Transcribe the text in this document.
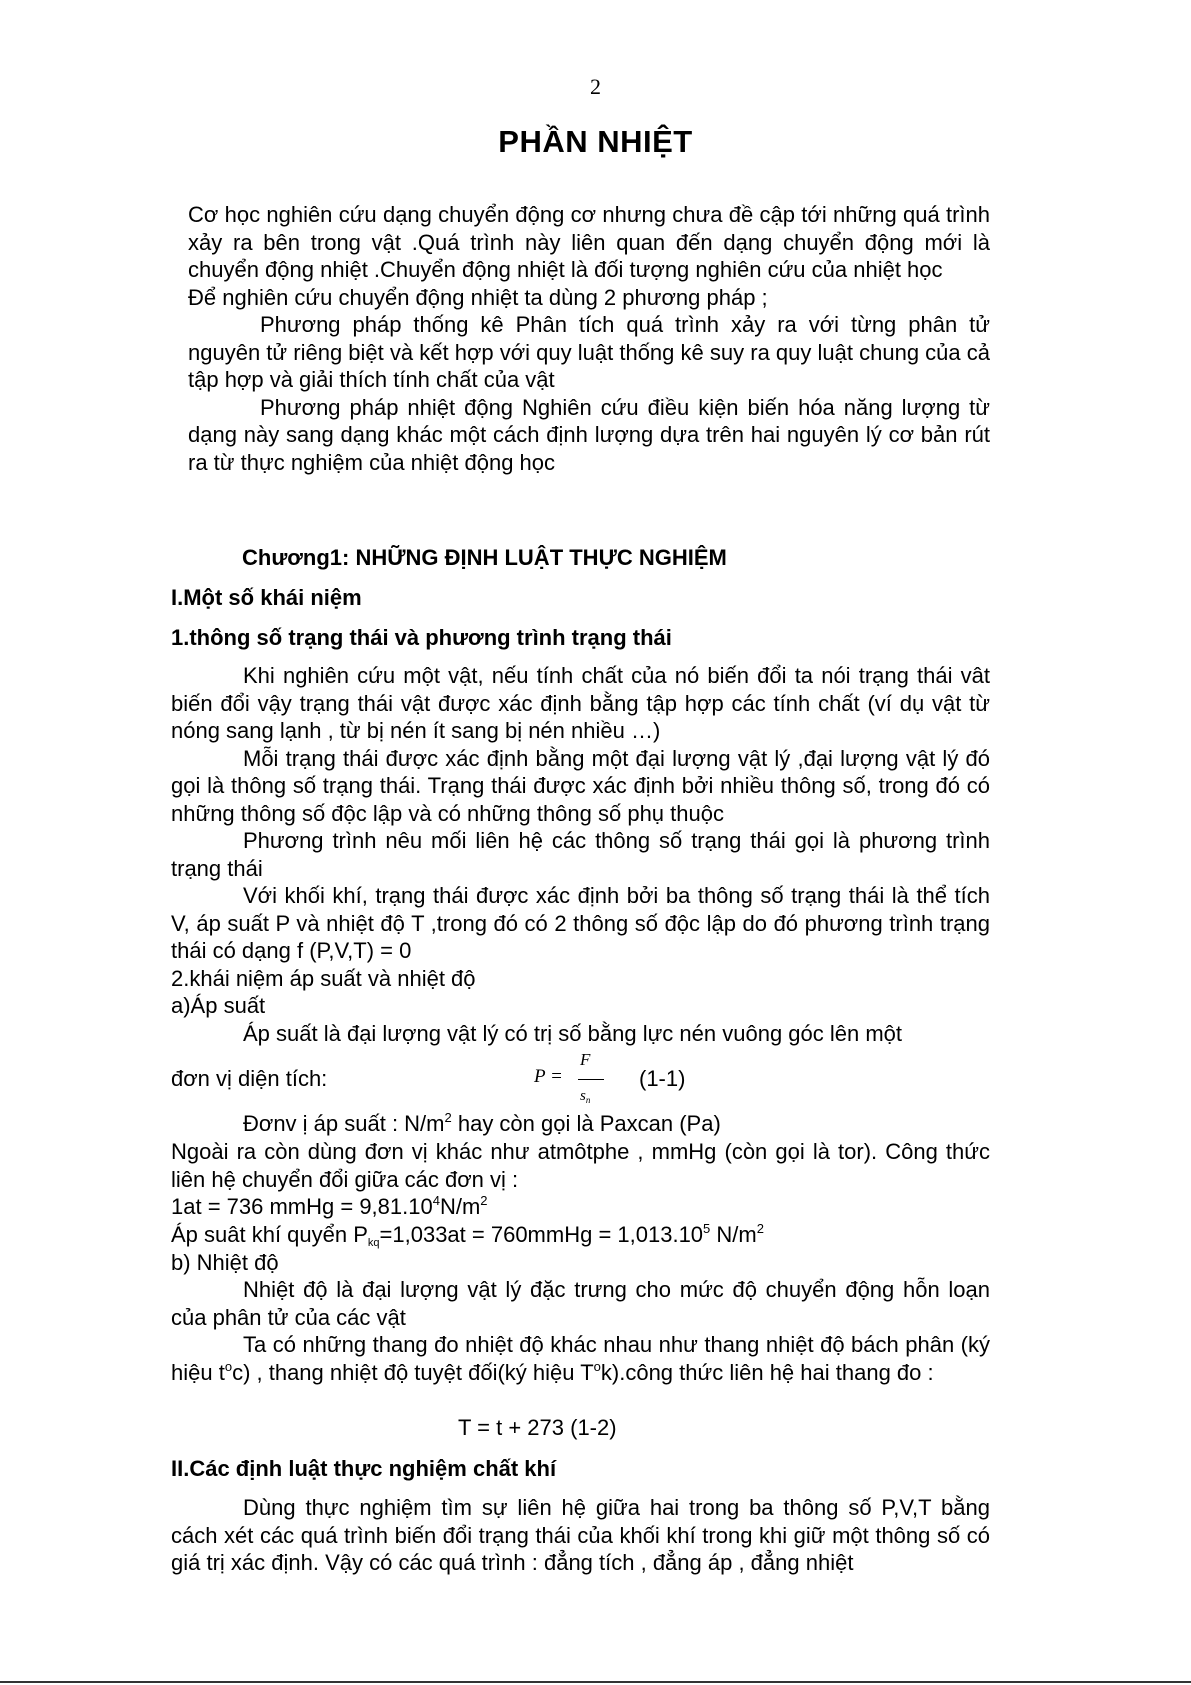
2
PHẦN NHIỆT
Cơ học nghiên cứu dạng chuyển động cơ nhưng chưa đề cập tới những quá trình xảy ra bên trong vật .Quá trình này liên quan đến dạng chuyển động mới là chuyển động nhiệt .Chuyển động nhiệt là đối tượng nghiên cứu của nhiệt học
Để nghiên cứu chuyển động nhiệt ta dùng 2 phương pháp ;
Phương pháp thống kê Phân tích quá trình xảy ra với từng phân tử nguyên tử riêng biệt và kết hợp với quy luật thống kê suy ra quy luật chung của cả tập hợp và giải thích tính chất của vật
Phương pháp nhiệt động Nghiên cứu điều kiện biến hóa năng lượng từ dạng này sang dạng khác một cách định lượng dựa trên hai nguyên lý cơ bản rút ra từ thực nghiệm của nhiệt động học
Chương1: NHỮNG ĐỊNH LUẬT THỰC NGHIỆM
I.Một số khái niệm
1.thông số trạng thái và phương trình trạng thái
Khi nghiên cứu một vật, nếu tính chất của nó biến đổi ta nói trạng thái vât biến đổi vậy trạng thái vật được xác định bằng tập hợp các tính chất (ví dụ vật từ nóng sang lạnh , từ bị nén ít sang bị nén nhiều …)
Mỗi trạng thái được xác định bằng một đại lượng vật lý ,đại lượng vật lý đó gọi là thông số trạng thái. Trạng thái được xác định bởi nhiều thông số, trong đó có những thông số độc lập và có những thông số phụ thuộc
Phương trình nêu mối liên hệ các thông số trạng thái gọi là phương trình trạng thái
Với khối khí, trạng thái được xác định bởi ba thông số trạng thái là thể tích V, áp suất P và nhiệt độ T ,trong đó có 2 thông số độc lập do đó phương trình trạng thái có dạng f (P,V,T) = 0
2.khái niệm áp suất và nhiệt độ
a)Áp suất
Áp suất là đại lượng vật lý có trị số bằng lực nén vuông góc lên một
đơn vị diện tích:	P =
F
$s_n$
(1-1)
Đơnv ị áp suất : $N/m^2$ hay còn gọi là Paxcan (Pa)
Ngoài ra còn dùng đơn vị khác như atmôtphe , mmHg (còn gọi là tor). Công thức liên hệ chuyển đổi giữa các đơn vị :
1at = 736 mmHg = $9,81.10^4N/m^2$
Áp suât khí quyển $P_{kq}=1,033at$ = 760mmHg = $1,013.10^5$ $N/m^2$
b) Nhiệt độ
Nhiệt độ là đại lượng vật lý đặc trưng cho mức độ chuyển động hỗn loạn của phân tử của các vật
Ta có những thang đo nhiệt độ khác nhau như thang nhiệt độ bách phân (ký hiệu $t^oc$) , thang nhiệt độ tuyệt đối(ký hiệu $T^ok).công$ thức liên hệ hai thang đo :
T = t + 273 (1-2)
II.Các định luật thực nghiệm chất khí
Dùng thực nghiệm tìm sự liên hệ giữa hai trong ba thông số P,V,T bằng cách xét các quá trình biến đổi trạng thái của khối khí trong khi giữ một thông số có giá trị xác định. Vậy có các quá trình : đẳng tích , đẳng áp , đẳng nhiệt
